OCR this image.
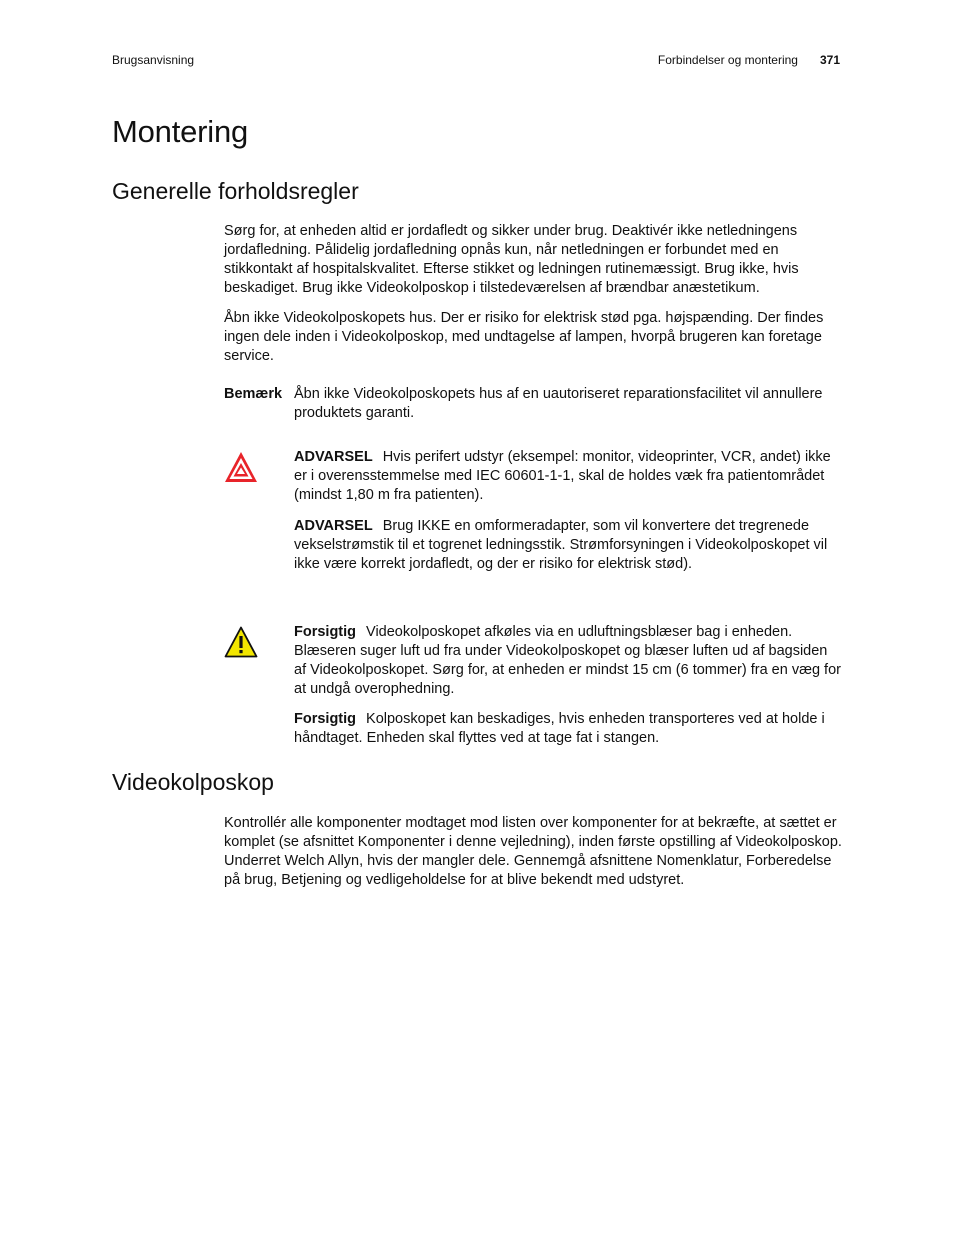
Brugsanvisning	Forbindelser og montering 371
Montering
Generelle forholdsregler

Sørg for, at enheden altid er jordafledt og sikker under brug. Deaktivér ikke netledningens jordafledning. Pålidelig jordafledning opnås kun, når netledningen er forbundet med en stikkontakt af hospitalskvalitet. Efterse stikket og ledningen rutinemæssigt. Brug ikke, hvis beskadiget. Brug ikke Videokolposkop i tilstedeværelsen af brændbar anæstetikum.

Åbn ikke Videokolposkopets hus. Der er risiko for elektrisk stød pga. højspænding. Der findes ingen dele inden i Videokolposkop, med undtagelse af lampen, hvorpå brugeren kan foretage service.

Bemærk Åbn ikke Videokolposkopets hus af en uautoriseret reparationsfacilitet vil annullere produktets garanti.

ADVARSEL Hvis perifert udstyr (eksempel: monitor, videoprinter, VCR, andet) ikke er i overensstemmelse med IEC 60601-1-1, skal de holdes væk fra patientområdet (mindst 1,80 m fra patienten).

ADVARSEL Brug IKKE en omformeradapter, som vil konvertere det tregrenede vekselstrømstik til et togrenet ledningsstik. Strømforsyningen i Videokolposkopet vil ikke være korrekt jordafledt, og der er risiko for elektrisk stød).

Forsigtig Videokolposkopet afkøles via en udluftningsblæser bag i enheden. Blæseren suger luft ud fra under Videokolposkopet og blæser luften ud af bagsiden af Videokolposkopet. Sørg for, at enheden er mindst 15 cm (6 tommer) fra en væg for at undgå overophedning.

Forsigtig Kolposkopet kan beskadiges, hvis enheden transporteres ved at holde i håndtaget. Enheden skal flyttes ved at tage fat i stangen.

Videokolposkop

Kontrollér alle komponenter modtaget mod listen over komponenter for at bekræfte, at sættet er komplet (se afsnittet Komponenter i denne vejledning), inden første opstilling af Videokolposkop. Underret Welch Allyn, hvis der mangler dele. Gennemgå afsnittene Nomenklatur, Forberedelse på brug, Betjening og vedligeholdelse for at blive bekendt med udstyret.
